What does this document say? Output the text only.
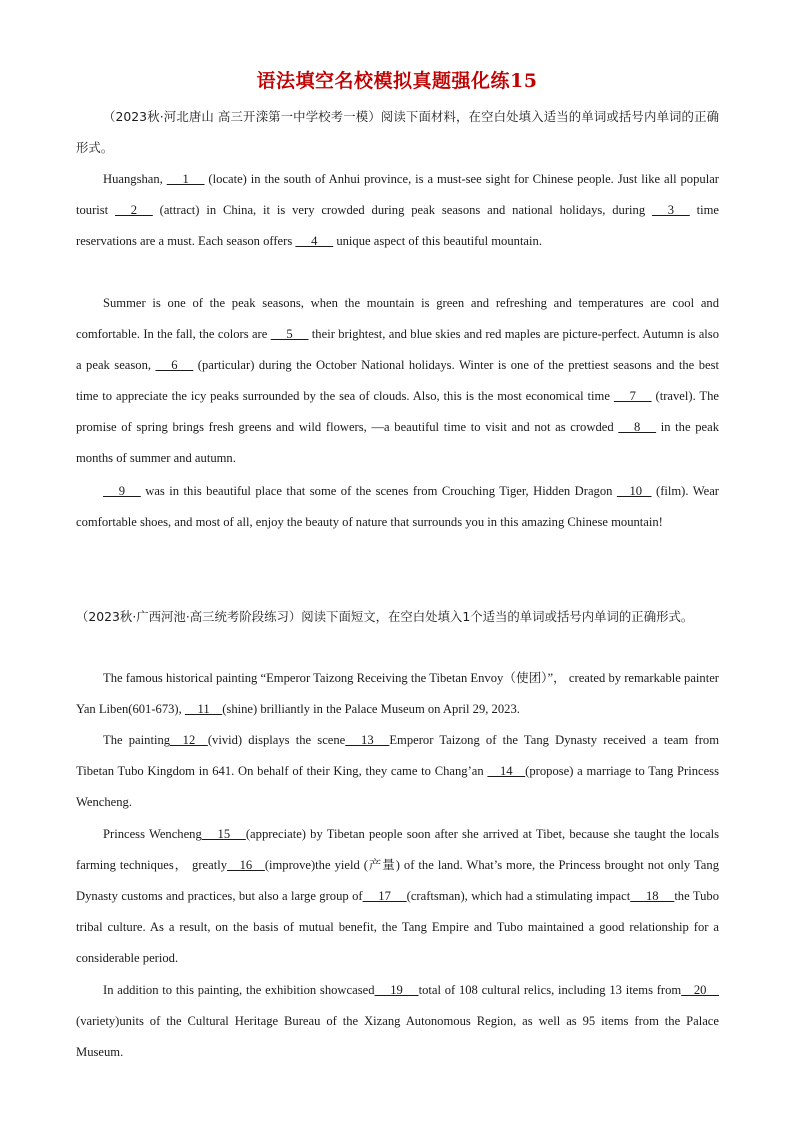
语法填空名校模拟真题强化练15

（2023秋·河北唐山 高三开滦第一中学校考一模）阅读下面材料，在空白处填入适当的单词或括号内单词的正确形式。

Huangshan,      1      (locate) in the south of Anhui province, is a must-see sight for Chinese people. Just like all popular tourist      2      (attract) in China, it is very crowded during peak seasons and national holidays, during      3      time reservations are a must. Each season offers      4      unique aspect of this beautiful mountain.

Summer is one of the peak seasons, when the mountain is green and refreshing and temperatures are cool and comfortable. In the fall, the colors are      5      their brightest, and blue skies and red maples are picture-perfect. Autumn is also a peak season,      6      (particular) during the October National holidays. Winter is one of the prettiest seasons and the best time to appreciate the icy peaks surrounded by the sea of clouds. Also, this is the most economical time      7      (travel). The promise of spring brings fresh greens and wild flowers, —a beautiful time to visit and not as crowded      8      in the peak months of summer and autumn.

9      was in this beautiful place that some of the scenes from Crouching Tiger, Hidden Dragon     10    (film). Wear comfortable shoes, and most of all, enjoy the beauty of nature that surrounds you in this amazing Chinese mountain!

（2023秋·广西河池·高三统考阶段练习）阅读下面短文，在空白处填入1个适当的单词或括号内单词的正确形式。

The famous historical painting “Emperor Taizong Receiving the Tibetan Envoy（使团）”， created by remarkable painter Yan Liben(601-673),     11    (shine) brilliantly in the Palace Museum on April 29, 2023.

The painting    12    (vivid) displays the scene     13     Emperor Taizong of the Tang Dynasty received a team from Tibetan Tubo Kingdom in 641. On behalf of their King, they came to Chang’an     14    (propose) a marriage to Tang Princess Wencheng.

Princess Wencheng     15     (appreciate) by Tibetan people soon after she arrived at Tibet, because she taught the locals farming techniques， greatly    16    (improve)the yield (产量) of the land. What’s more, the Princess brought not only Tang Dynasty customs and practices, but also a large group of     17     (craftsman), which had a stimulating impact     18     the Tubo tribal culture. As a result, on the basis of mutual benefit, the Tang Empire and Tubo maintained a good relationship for a considerable period.

In addition to this painting, the exhibition showcased     19     total of 108 cultural relics, including 13 items from    20    (variety)units of the Cultural Heritage Bureau of the Xizang Autonomous Region, as well as 95 items from the Palace Museum.
